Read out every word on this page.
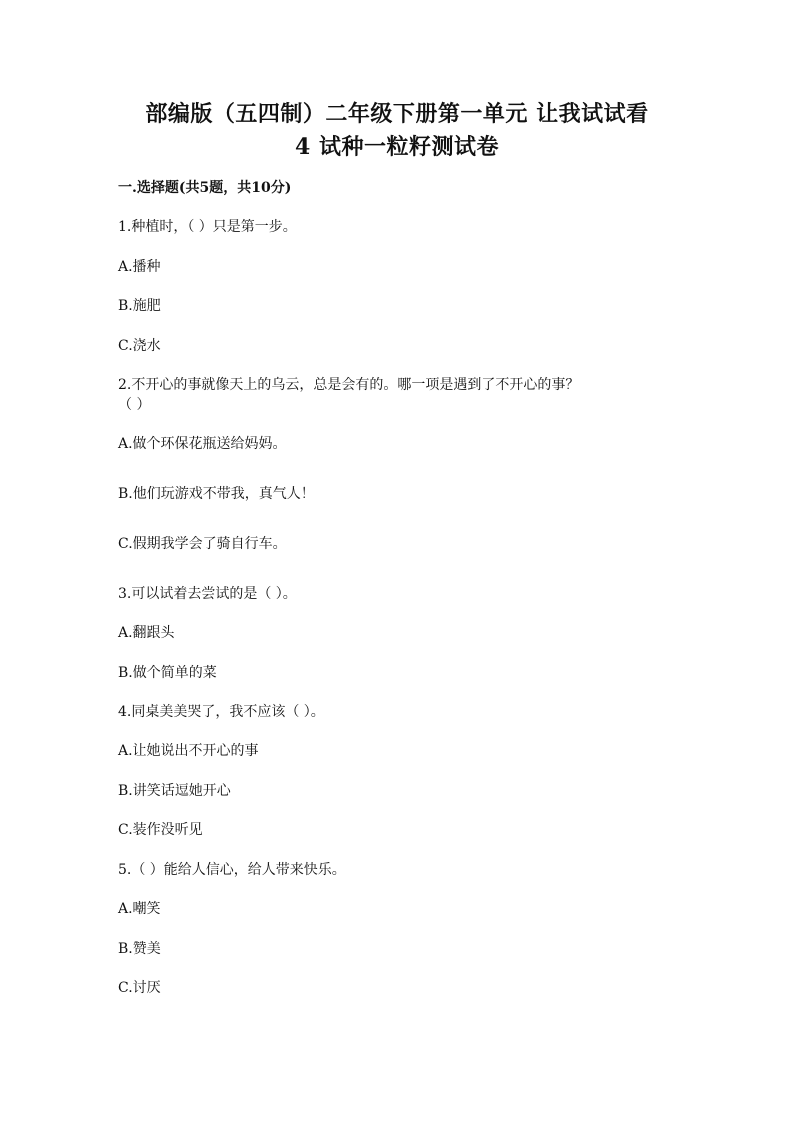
部编版（五四制）二年级下册第一单元 让我试试看
4 试种一粒籽测试卷
一.选择题(共5题，共10分)
1.种植时，（ ）只是第一步。
A.播种
B.施肥
C.浇水
2.不开心的事就像天上的乌云，总是会有的。哪一项是遇到了不开心的事？
（ ）
A.做个环保花瓶送给妈妈。
B.他们玩游戏不带我，真气人！
C.假期我学会了骑自行车。
3.可以试着去尝试的是（ ）。
A.翻跟头
B.做个简单的菜
4.同桌美美哭了，我不应该（ ）。
A.让她说出不开心的事
B.讲笑话逗她开心
C.装作没听见
5.（ ）能给人信心，给人带来快乐。
A.嘲笑
B.赞美
C.讨厌
